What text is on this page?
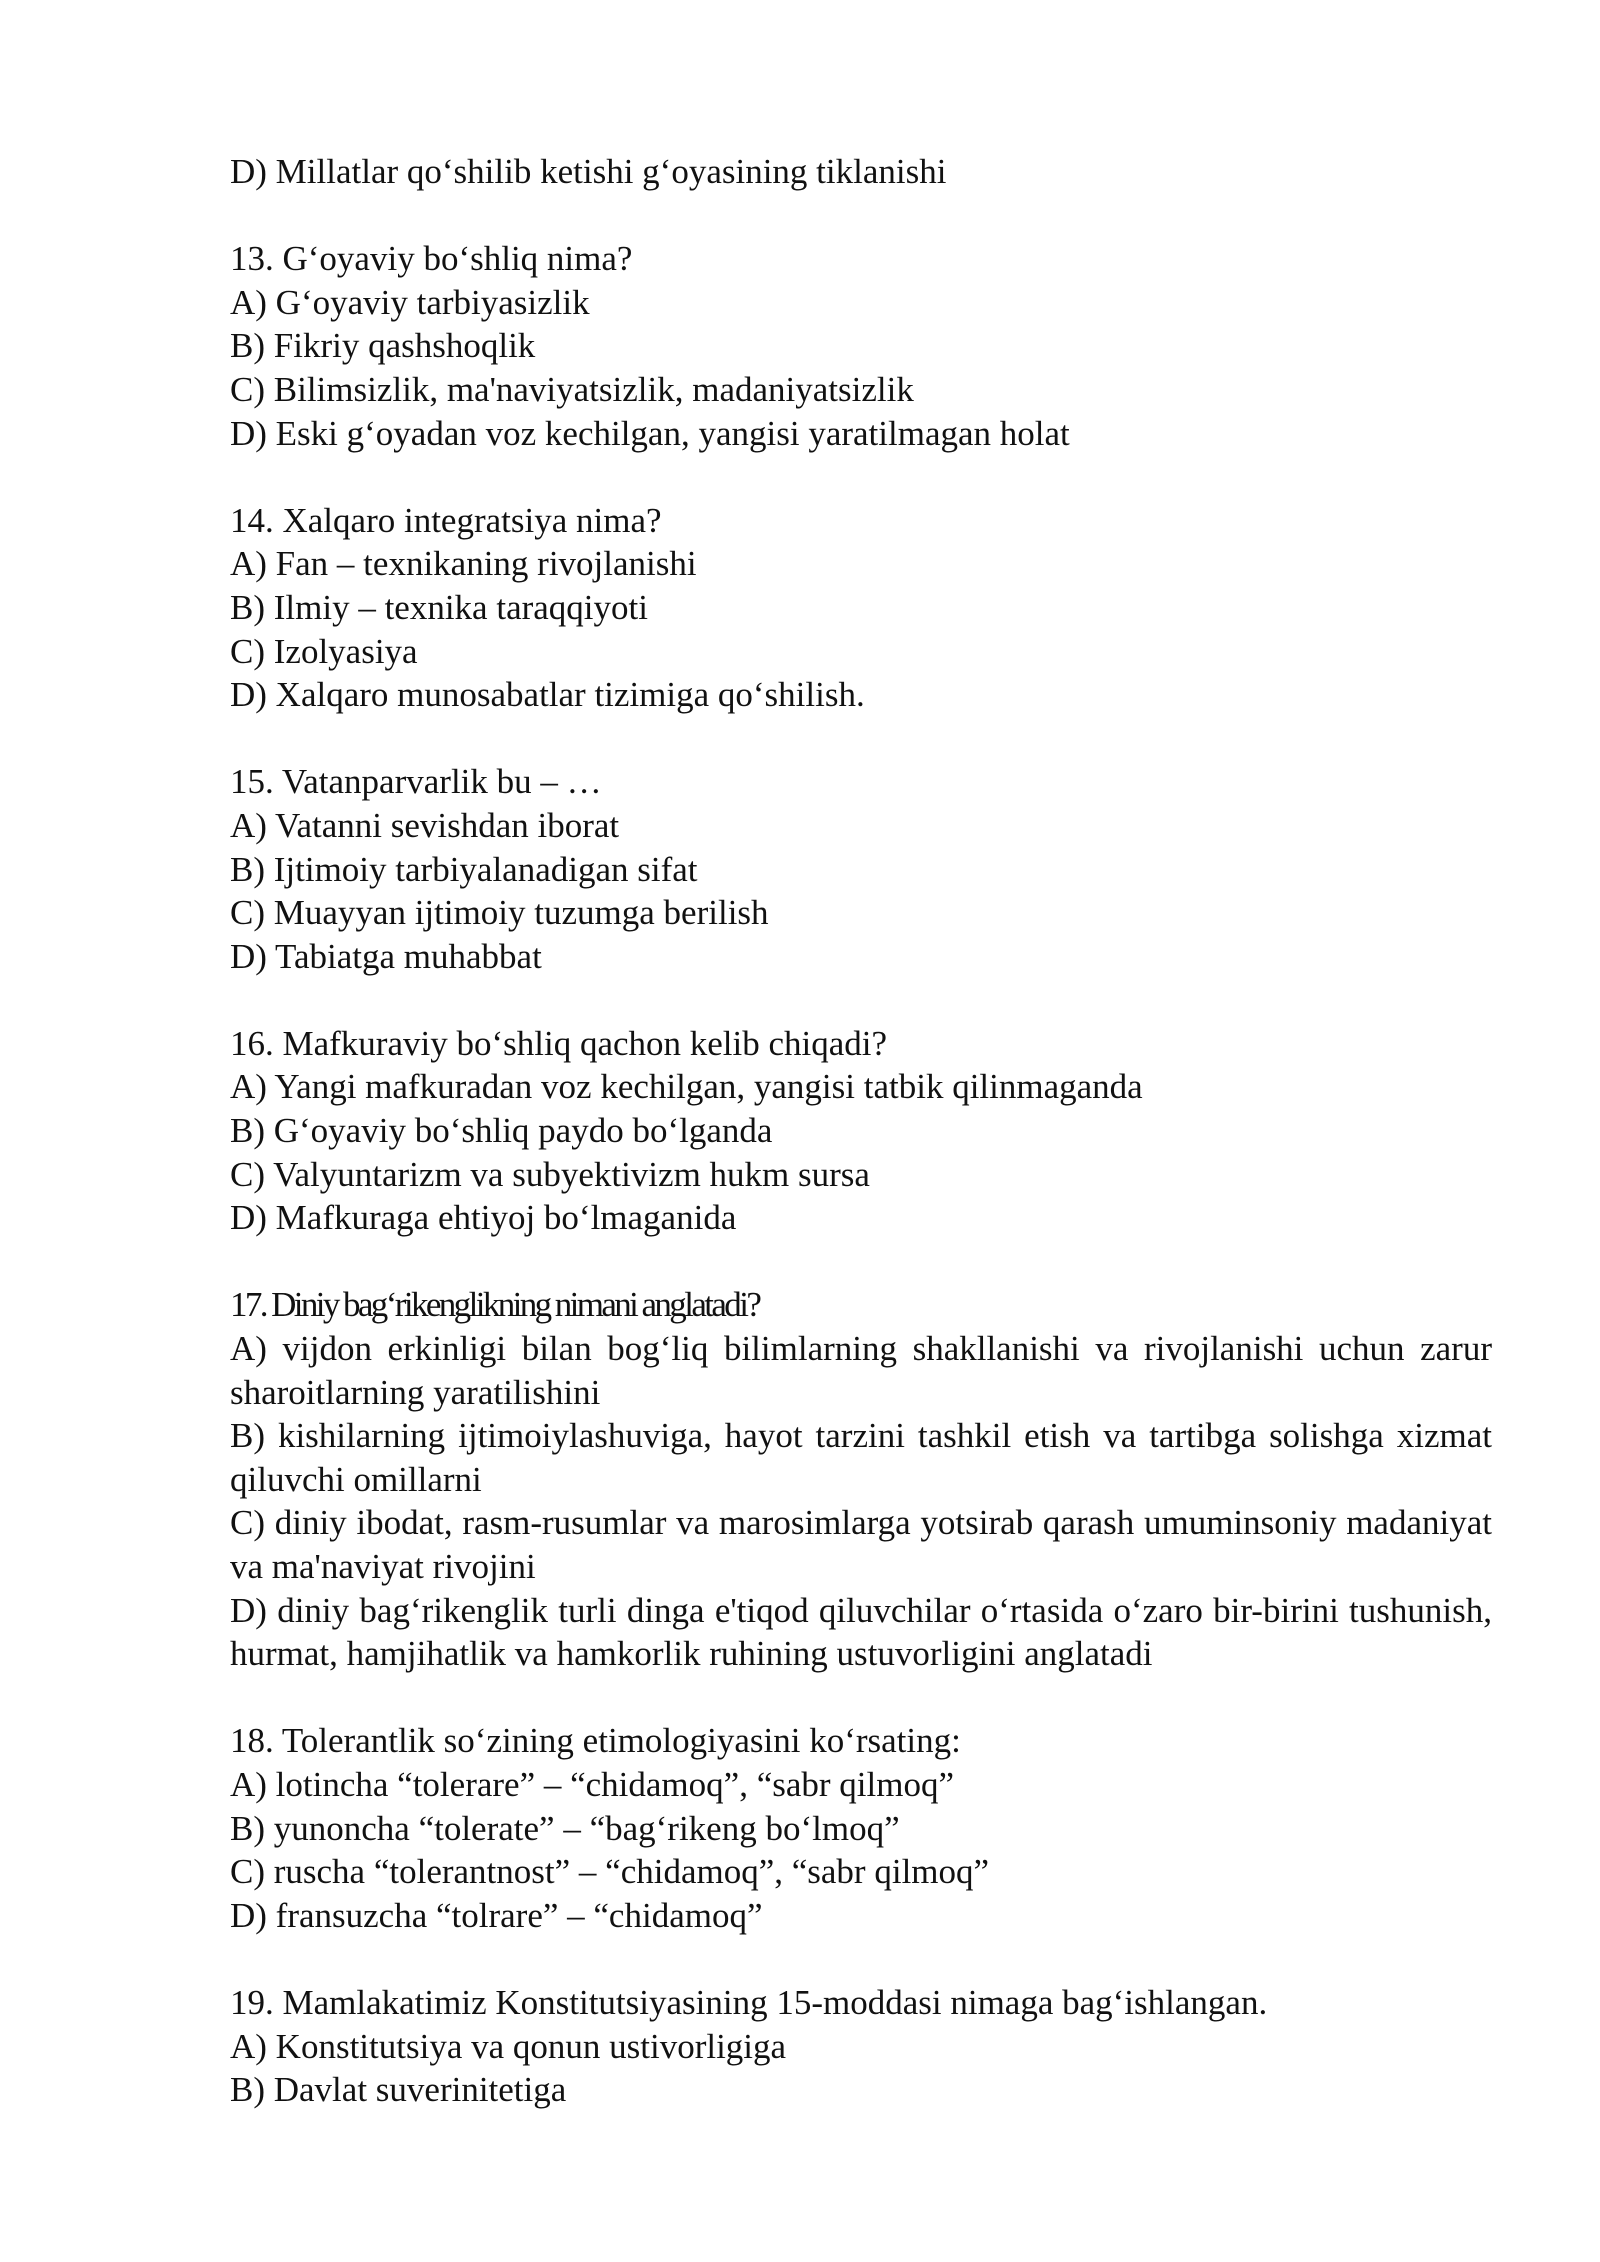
D) Millatlar qo‘shilib ketishi g‘oyasining tiklanishi
13. G‘oyaviy bo‘shliq nima?
A) G‘oyaviy tarbiyasizlik
B) Fikriy qashshoqlik
C) Bilimsizlik, ma'naviyatsizlik, madaniyatsizlik
D) Eski g‘oyadan voz kechilgan, yangisi yaratilmagan holat
14. Xalqaro integratsiya nima?
A) Fan – texnikaning rivojlanishi
B) Ilmiy – texnika taraqqiyoti
C) Izolyasiya
D) Xalqaro munosabatlar tizimiga qo‘shilish.
15. Vatanparvarlik bu – …
A) Vatanni sevishdan iborat
B) Ijtimoiy tarbiyalanadigan sifat
C) Muayyan ijtimoiy tuzumga berilish
D) Tabiatga muhabbat
16. Mafkuraviy bo‘shliq qachon kelib chiqadi?
A) Yangi mafkuradan voz kechilgan, yangisi tatbik qilinmaganda
B) G‘oyaviy bo‘shliq paydo bo‘lganda
C) Valyuntarizm va subyektivizm hukm sursa
D) Mafkuraga ehtiyoj bo‘lmaganida
17. Diniy bag‘rikenglikning nimani anglatadi?
A) vijdon erkinligi bilan bog‘liq bilimlarning shakllanishi va rivojlanishi uchun zarur sharoitlarning yaratilishini
B) kishilarning ijtimoiylashuviga, hayot tarzini tashkil etish va tartibga solishga xizmat qiluvchi omillarni
C) diniy ibodat, rasm-rusumlar va marosimlarga yotsirab qarash umuminsoniy madaniyat va ma'naviyat rivojini
D) diniy bag‘rikenglik turli dinga e'tiqod qiluvchilar o‘rtasida o‘zaro bir-birini tushunish, hurmat, hamjihatlik va hamkorlik ruhining ustuvorligini anglatadi
18. Tolerantlik so‘zining etimologiyasini ko‘rsating:
A) lotincha “tolerare” – “chidamoq”, “sabr qilmoq”
B) yunoncha “tolerate” – “bag‘rikeng bo‘lmoq”
C) ruscha “tolerantnost” – “chidamoq”, “sabr qilmoq”
D) fransuzcha “tolrare” – “chidamoq”
19. Mamlakatimiz Konstitutsiyasining 15-moddasi nimaga bag‘ishlangan.
A) Konstitutsiya va qonun ustivorligiga
B) Davlat suverinitetiga
